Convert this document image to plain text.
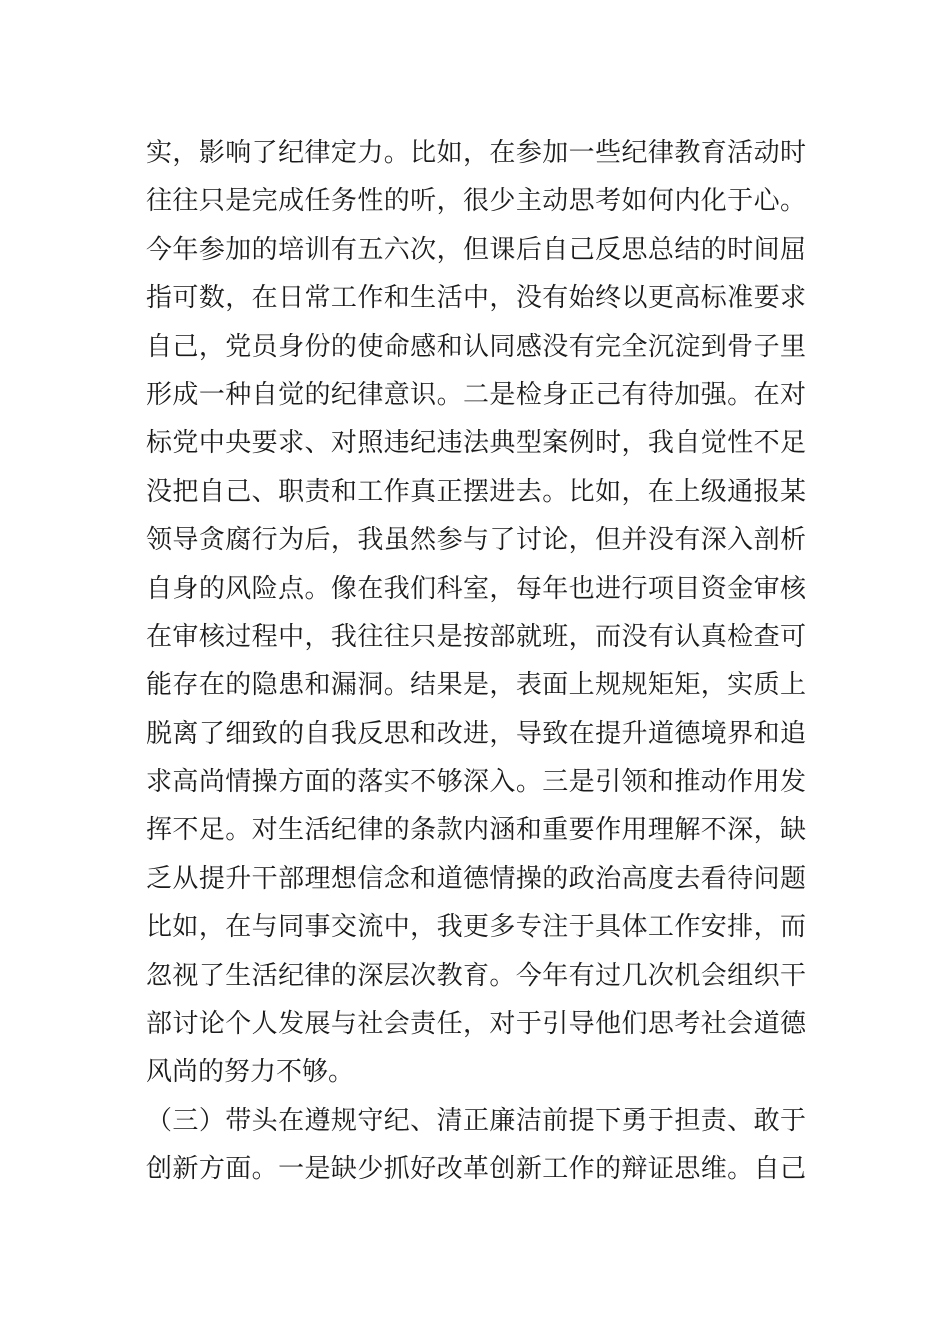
实，影响了纪律定力。比如，在参加一些纪律教育活动时
往往只是完成任务性的听，很少主动思考如何内化于心。
今年参加的培训有五六次，但课后自己反思总结的时间屈
指可数，在日常工作和生活中，没有始终以更高标准要求
自己，党员身份的使命感和认同感没有完全沉淀到骨子里
形成一种自觉的纪律意识。二是检身正己有待加强。在对
标党中央要求、对照违纪违法典型案例时，我自觉性不足
没把自己、职责和工作真正摆进去。比如，在上级通报某
领导贪腐行为后，我虽然参与了讨论，但并没有深入剖析
自身的风险点。像在我们科室，每年也进行项目资金审核
在审核过程中，我往往只是按部就班，而没有认真检查可
能存在的隐患和漏洞。结果是，表面上规规矩矩，实质上
脱离了细致的自我反思和改进，导致在提升道德境界和追
求高尚情操方面的落实不够深入。三是引领和推动作用发
挥不足。对生活纪律的条款内涵和重要作用理解不深，缺
乏从提升干部理想信念和道德情操的政治高度去看待问题
比如，在与同事交流中，我更多专注于具体工作安排，而
忽视了生活纪律的深层次教育。今年有过几次机会组织干
部讨论个人发展与社会责任，对于引导他们思考社会道德
风尚的努力不够。
（三）带头在遵规守纪、清正廉洁前提下勇于担责、敢于
创新方面。一是缺少抓好改革创新工作的辩证思维。自己
